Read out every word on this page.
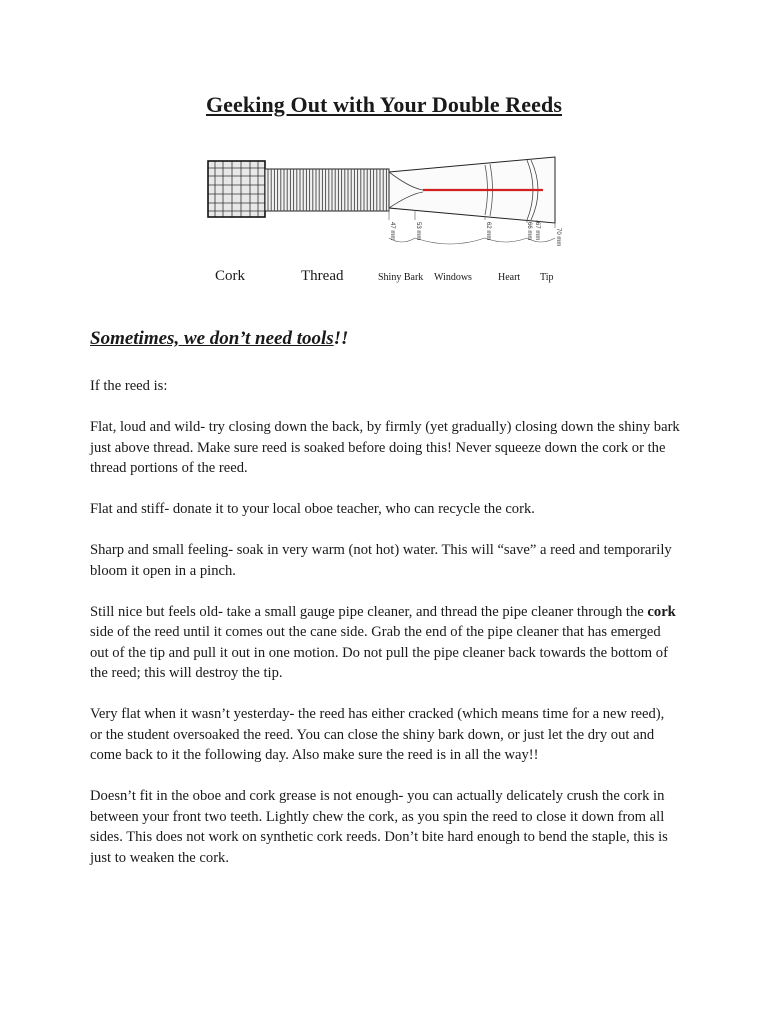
Geeking Out with Your Double Reeds
47 mm	53 mm	62 mm	66 mm 67 mm	70 mm
Cork	Thread	Shiny Bark Windows	Heart Tip
Sometimes, we don’t need tools!!

If the reed is:

Flat, loud and wild- try closing down the back, by firmly (yet gradually) closing down the shiny bark just above thread. Make sure reed is soaked before doing this! Never squeeze down the cork or the thread portions of the reed.

Flat and stiff- donate it to your local oboe teacher, who can recycle the cork.

Sharp and small feeling- soak in very warm (not hot) water. This will “save” a reed and temporarily bloom it open in a pinch.

Still nice but feels old- take a small gauge pipe cleaner, and thread the pipe cleaner through the cork side of the reed until it comes out the cane side. Grab the end of the pipe cleaner that has emerged out of the tip and pull it out in one motion. Do not pull the pipe cleaner back towards the bottom of the reed; this will destroy the tip.

Very flat when it wasn’t yesterday- the reed has either cracked (which means time for a new reed), or the student oversoaked the reed. You can close the shiny bark down, or just let the dry out and come back to it the following day. Also make sure the reed is in all the way!!

Doesn’t fit in the oboe and cork grease is not enough- you can actually delicately crush the cork in between your front two teeth. Lightly chew the cork, as you spin the reed to close it down from all sides. This does not work on synthetic cork reeds. Don’t bite hard enough to bend the staple, this is just to weaken the cork.
